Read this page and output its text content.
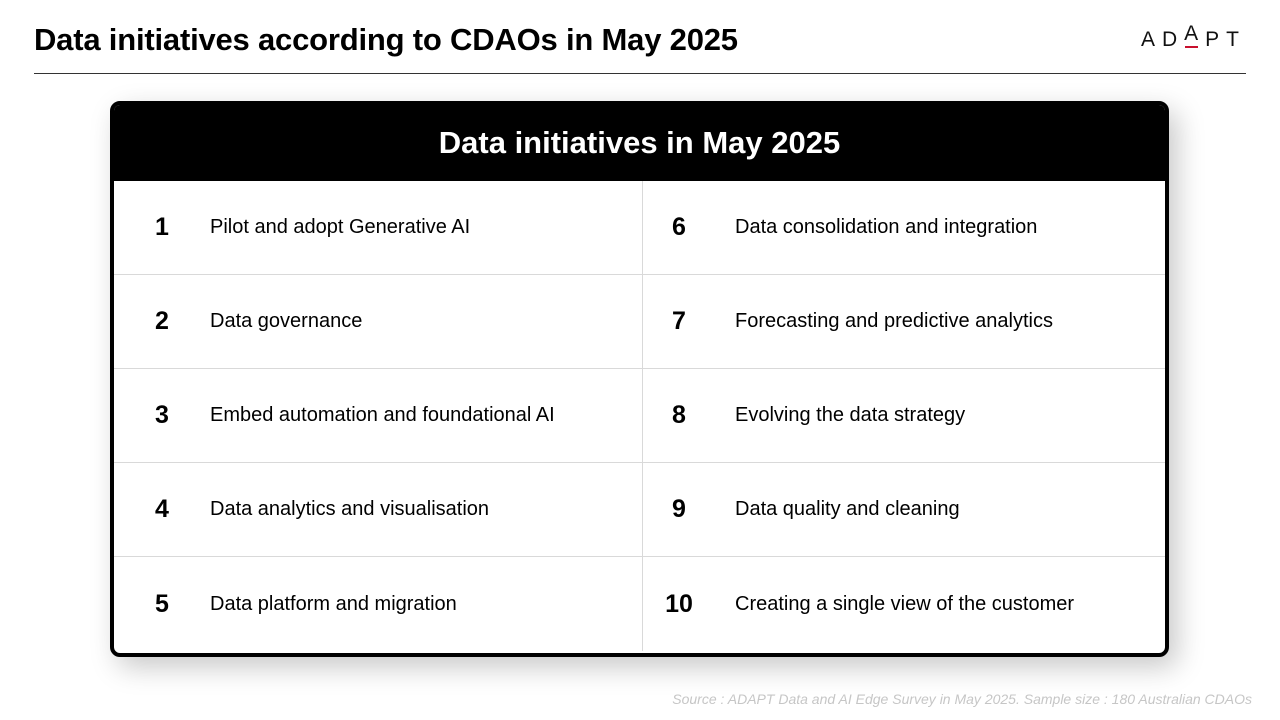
Data initiatives according to CDAOs in May 2025	ADAPT
Data initiatives in May 2025
1	Pilot and adopt Generative AI
2	Data governance
3	Embed automation and foundational AI
4	Data analytics and visualisation
5	Data platform and migration
6	Data consolidation and integration
7	Forecasting and predictive analytics
8	Evolving the data strategy
9	Data quality and cleaning
10	Creating a single view of the customer
Source : ADAPT Data and AI Edge Survey in May 2025. Sample size : 180 Australian CDAOs
